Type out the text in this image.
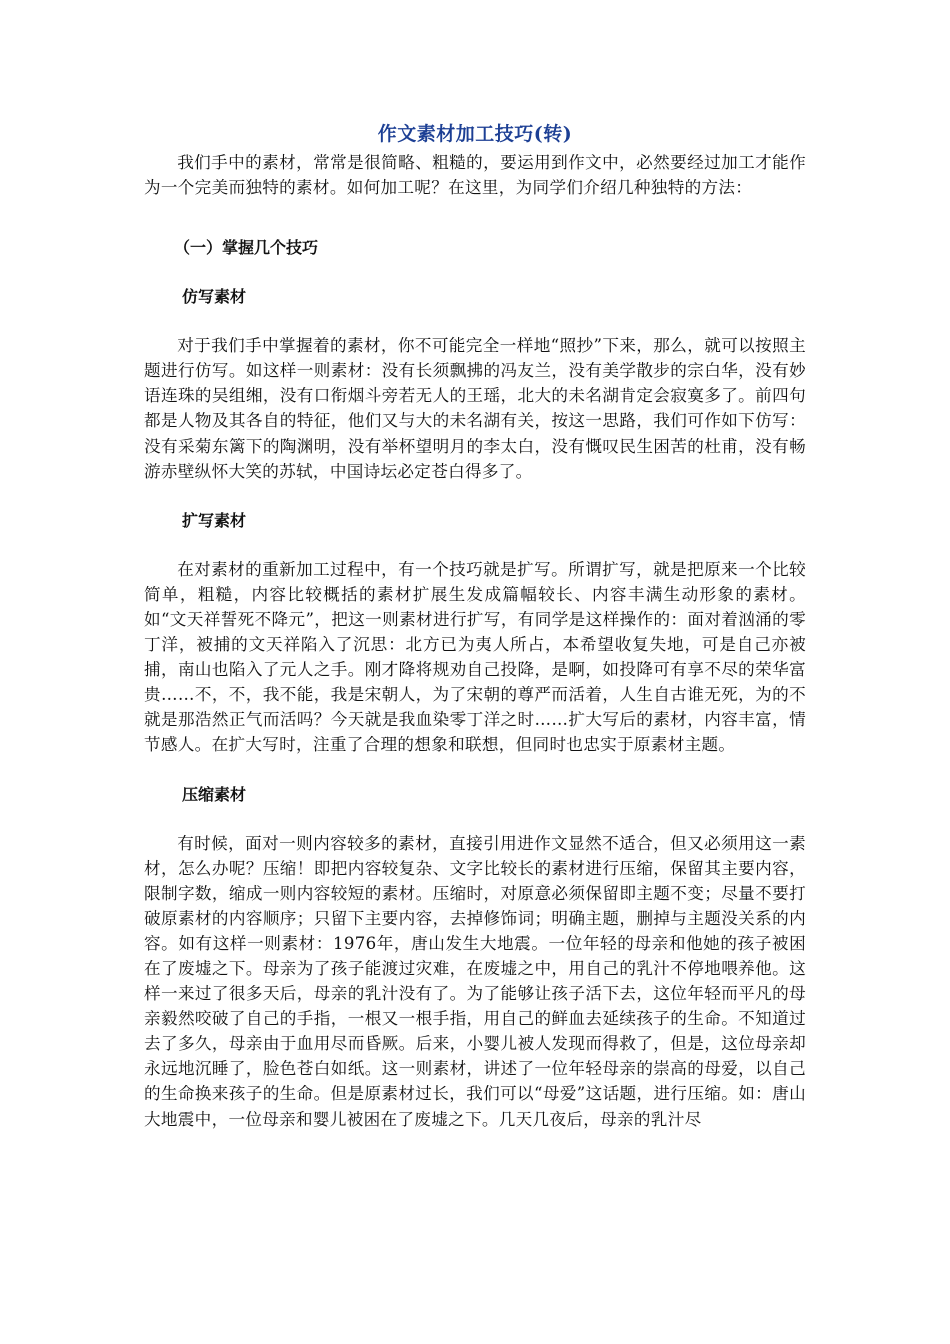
作文素材加工技巧(转)

我们手中的素材，常常是很简略、粗糙的，要运用到作文中，必然要经过加工才能作为一个完美而独特的素材。如何加工呢？在这里，为同学们介绍几种独特的方法：

（一）掌握几个技巧
仿写素材

对于我们手中掌握着的素材，你不可能完全一样地“照抄”下来，那么，就可以按照主题进行仿写。如这样一则素材：没有长须飘拂的冯友兰，没有美学散步的宗白华，没有妙语连珠的吴组缃，没有口衔烟斗旁若无人的王瑶，北大的未名湖肯定会寂寞多了。前四句都是人物及其各自的特征，他们又与大的未名湖有关，按这一思路，我们可作如下仿写：没有采菊东篱下的陶渊明，没有举杯望明月的李太白，没有慨叹民生困苦的杜甫，没有畅游赤壁纵怀大笑的苏轼，中国诗坛必定苍白得多了。

扩写素材

在对素材的重新加工过程中，有一个技巧就是扩写。所谓扩写，就是把原来一个比较简单，粗糙，内容比较概括的素材扩展生发成篇幅较长、内容丰满生动形象的素材。如“文天祥誓死不降元”，把这一则素材进行扩写，有同学是这样操作的：面对着汹涌的零丁洋，被捕的文天祥陷入了沉思：北方已为夷人所占，本希望收复失地，可是自己亦被捕，南山也陷入了元人之手。刚才降将规劝自己投降，是啊，如投降可有享不尽的荣华富贵……不，不，我不能，我是宋朝人，为了宋朝的尊严而活着，人生自古谁无死，为的不就是那浩然正气而活吗？今天就是我血染零丁洋之时……扩大写后的素材，内容丰富，情节感人。在扩大写时，注重了合理的想象和联想，但同时也忠实于原素材主题。

压缩素材

有时候，面对一则内容较多的素材，直接引用进作文显然不适合，但又必须用这一素材，怎么办呢？压缩！即把内容较复杂、文字比较长的素材进行压缩，保留其主要内容，限制字数，缩成一则内容较短的素材。压缩时，对原意必须保留即主题不变；尽量不要打破原素材的内容顺序；只留下主要内容，去掉修饰词；明确主题，删掉与主题没关系的内容。如有这样一则素材：1976年，唐山发生大地震。一位年轻的母亲和他她的孩子被困在了废墟之下。母亲为了孩子能渡过灾难，在废墟之中，用自己的乳汁不停地喂养他。这样一来过了很多天后，母亲的乳汁没有了。为了能够让孩子活下去，这位年轻而平凡的母亲毅然咬破了自己的手指，一根又一根手指，用自己的鲜血去延续孩子的生命。不知道过去了多久，母亲由于血用尽而昏厥。后来，小婴儿被人发现而得救了，但是，这位母亲却永远地沉睡了，脸色苍白如纸。这一则素材，讲述了一位年轻母亲的崇高的母爱，以自己的生命换来孩子的生命。但是原素材过长，我们可以“母爱”这话题，进行压缩。如：唐山大地震中，一位母亲和婴儿被困在了废墟之下。几天几夜后，母亲的乳汁尽
